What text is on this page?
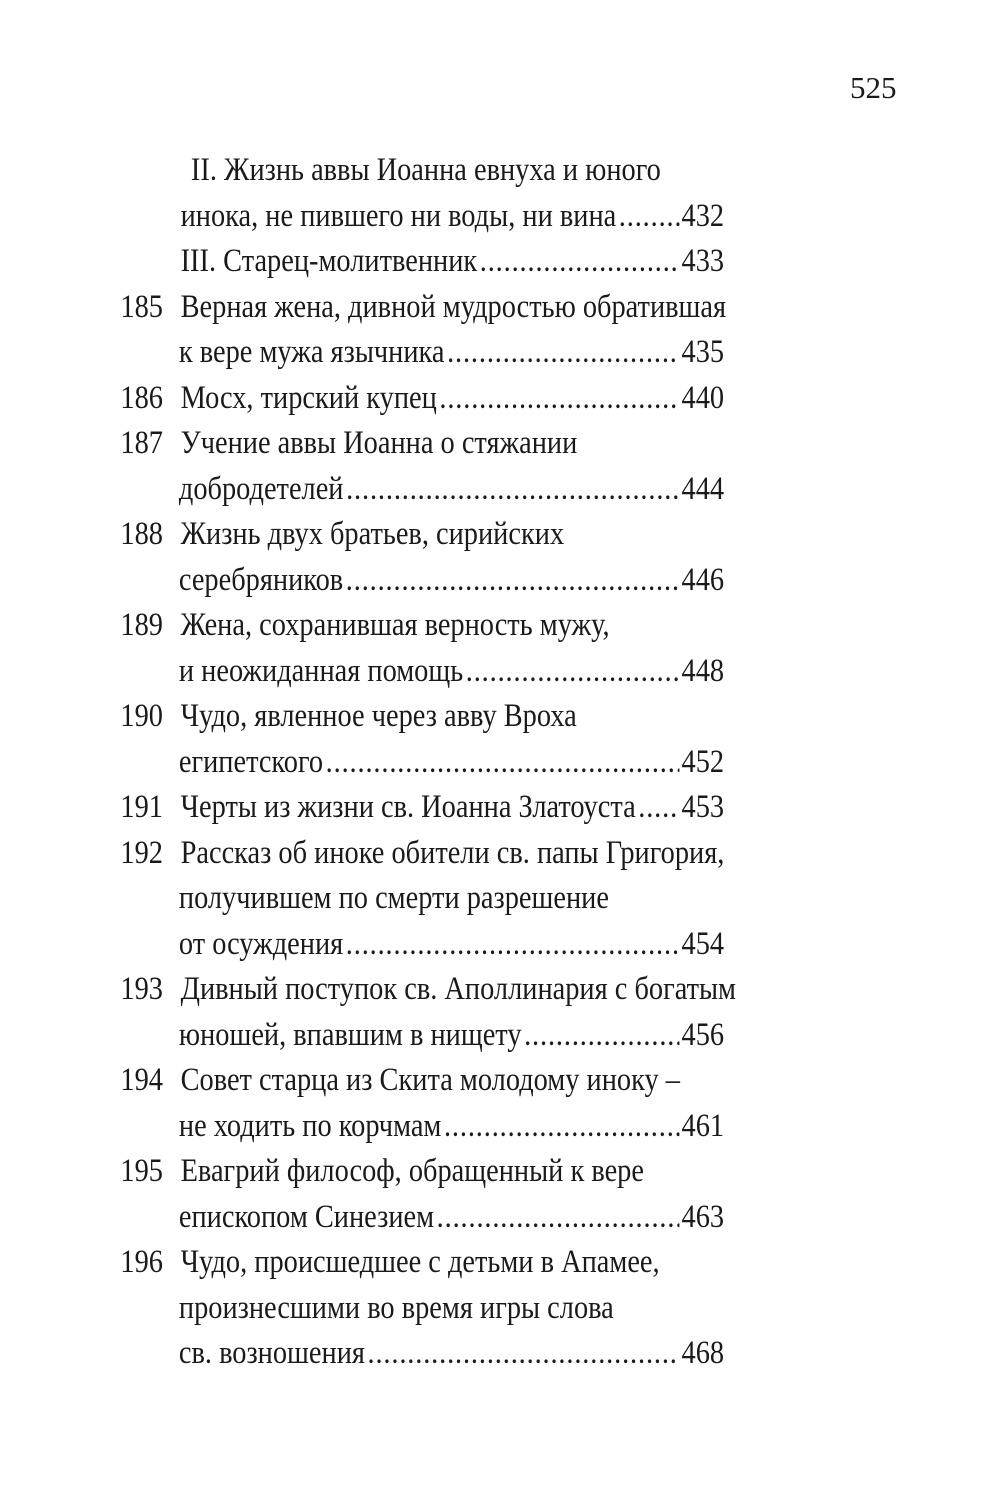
525
II. Жизнь аввы Иоанна евнуха и юного
инока, не пившего ни воды, ни вина ..... 432
III. Старец-молитвенник .....	433
185 Верная жена, дивной мудростью обратившая
к вере мужа язычника .....	435
186 Мосх, тирский купец .....	440
187 Учение аввы Иоанна о стяжании
добродетелей .....	444
188 Жизнь двух братьев, сирийских
серебряников .....	446
189 Жена, сохранившая верность мужу,
и неожиданная помощь .....	448
190 Чудо, явленное через авву Вроха
египетского .....	452
191 Черты из жизни св. Иоанна Златоуста ..... 453
192 Рассказ об иноке обители св. папы Григория,
получившем по смерти разрешение
от осуждения .....	454
193 Дивный поступок св. Аполлинария с богатым
юношей, впавшим в нищету .....	456
194 Совет старца из Скита молодому иноку –
не ходить по корчмам .....	461
195 Евагрий философ, обращенный к вере
епископом Синезием .....	463
196 Чудо, происшедшее с детьми в Апамее,
произнесшими во время игры слова
св. возношения .....	468
